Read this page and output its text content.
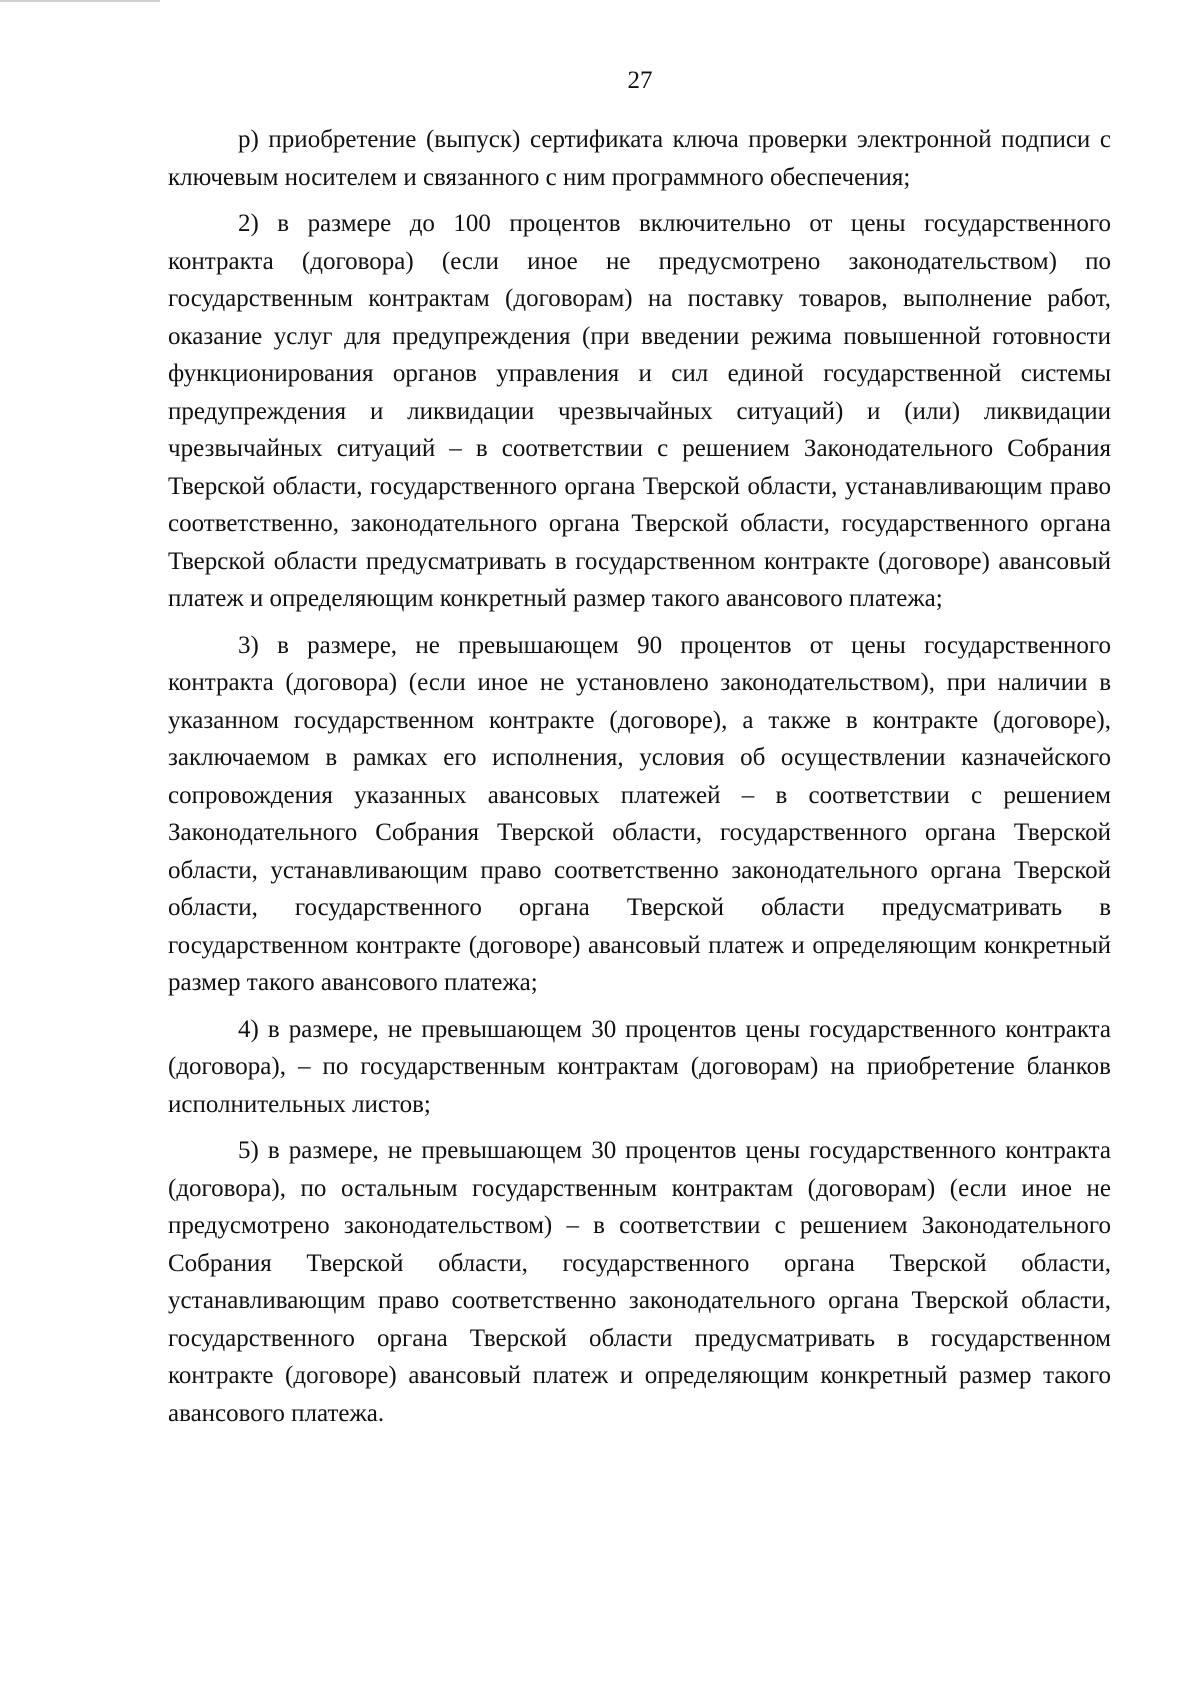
27

р) приобретение (выпуск) сертификата ключа проверки электронной подписи с ключевым носителем и связанного с ним программного обеспечения;

2) в размере до 100 процентов включительно от цены государственного контракта (договора) (если иное не предусмотрено законодательством) по государственным контрактам (договорам) на поставку товаров, выполнение работ, оказание услуг для предупреждения (при введении режима повышенной готовности функционирования органов управления и сил единой государственной системы предупреждения и ликвидации чрезвычайных ситуаций) и (или) ликвидации чрезвычайных ситуаций – в соответствии с решением Законодательного Собрания Тверской области, государственного органа Тверской области, устанавливающим право соответственно, законодательного органа Тверской области, государственного органа Тверской области предусматривать в государственном контракте (договоре) авансовый платеж и определяющим конкретный размер такого авансового платежа;

3) в размере, не превышающем 90 процентов от цены государственного контракта (договора) (если иное не установлено законодательством), при наличии в указанном государственном контракте (договоре), а также в контракте (договоре), заключаемом в рамках его исполнения, условия об осуществлении казначейского сопровождения указанных авансовых платежей – в соответствии с решением Законодательного Собрания Тверской области, государственного органа Тверской области, устанавливающим право соответственно законодательного органа Тверской области, государственного органа Тверской области предусматривать в государственном контракте (договоре) авансовый платеж и определяющим конкретный размер такого авансового платежа;

4) в размере, не превышающем 30 процентов цены государственного контракта (договора), – по государственным контрактам (договорам) на приобретение бланков исполнительных листов;

5) в размере, не превышающем 30 процентов цены государственного контракта (договора), по остальным государственным контрактам (договорам) (если иное не предусмотрено законодательством) – в соответствии с решением Законодательного Собрания Тверской области, государственного органа Тверской области, устанавливающим право соответственно законодательного органа Тверской области, государственного органа Тверской области предусматривать в государственном контракте (договоре) авансовый платеж и определяющим конкретный размер такого авансового платежа.
